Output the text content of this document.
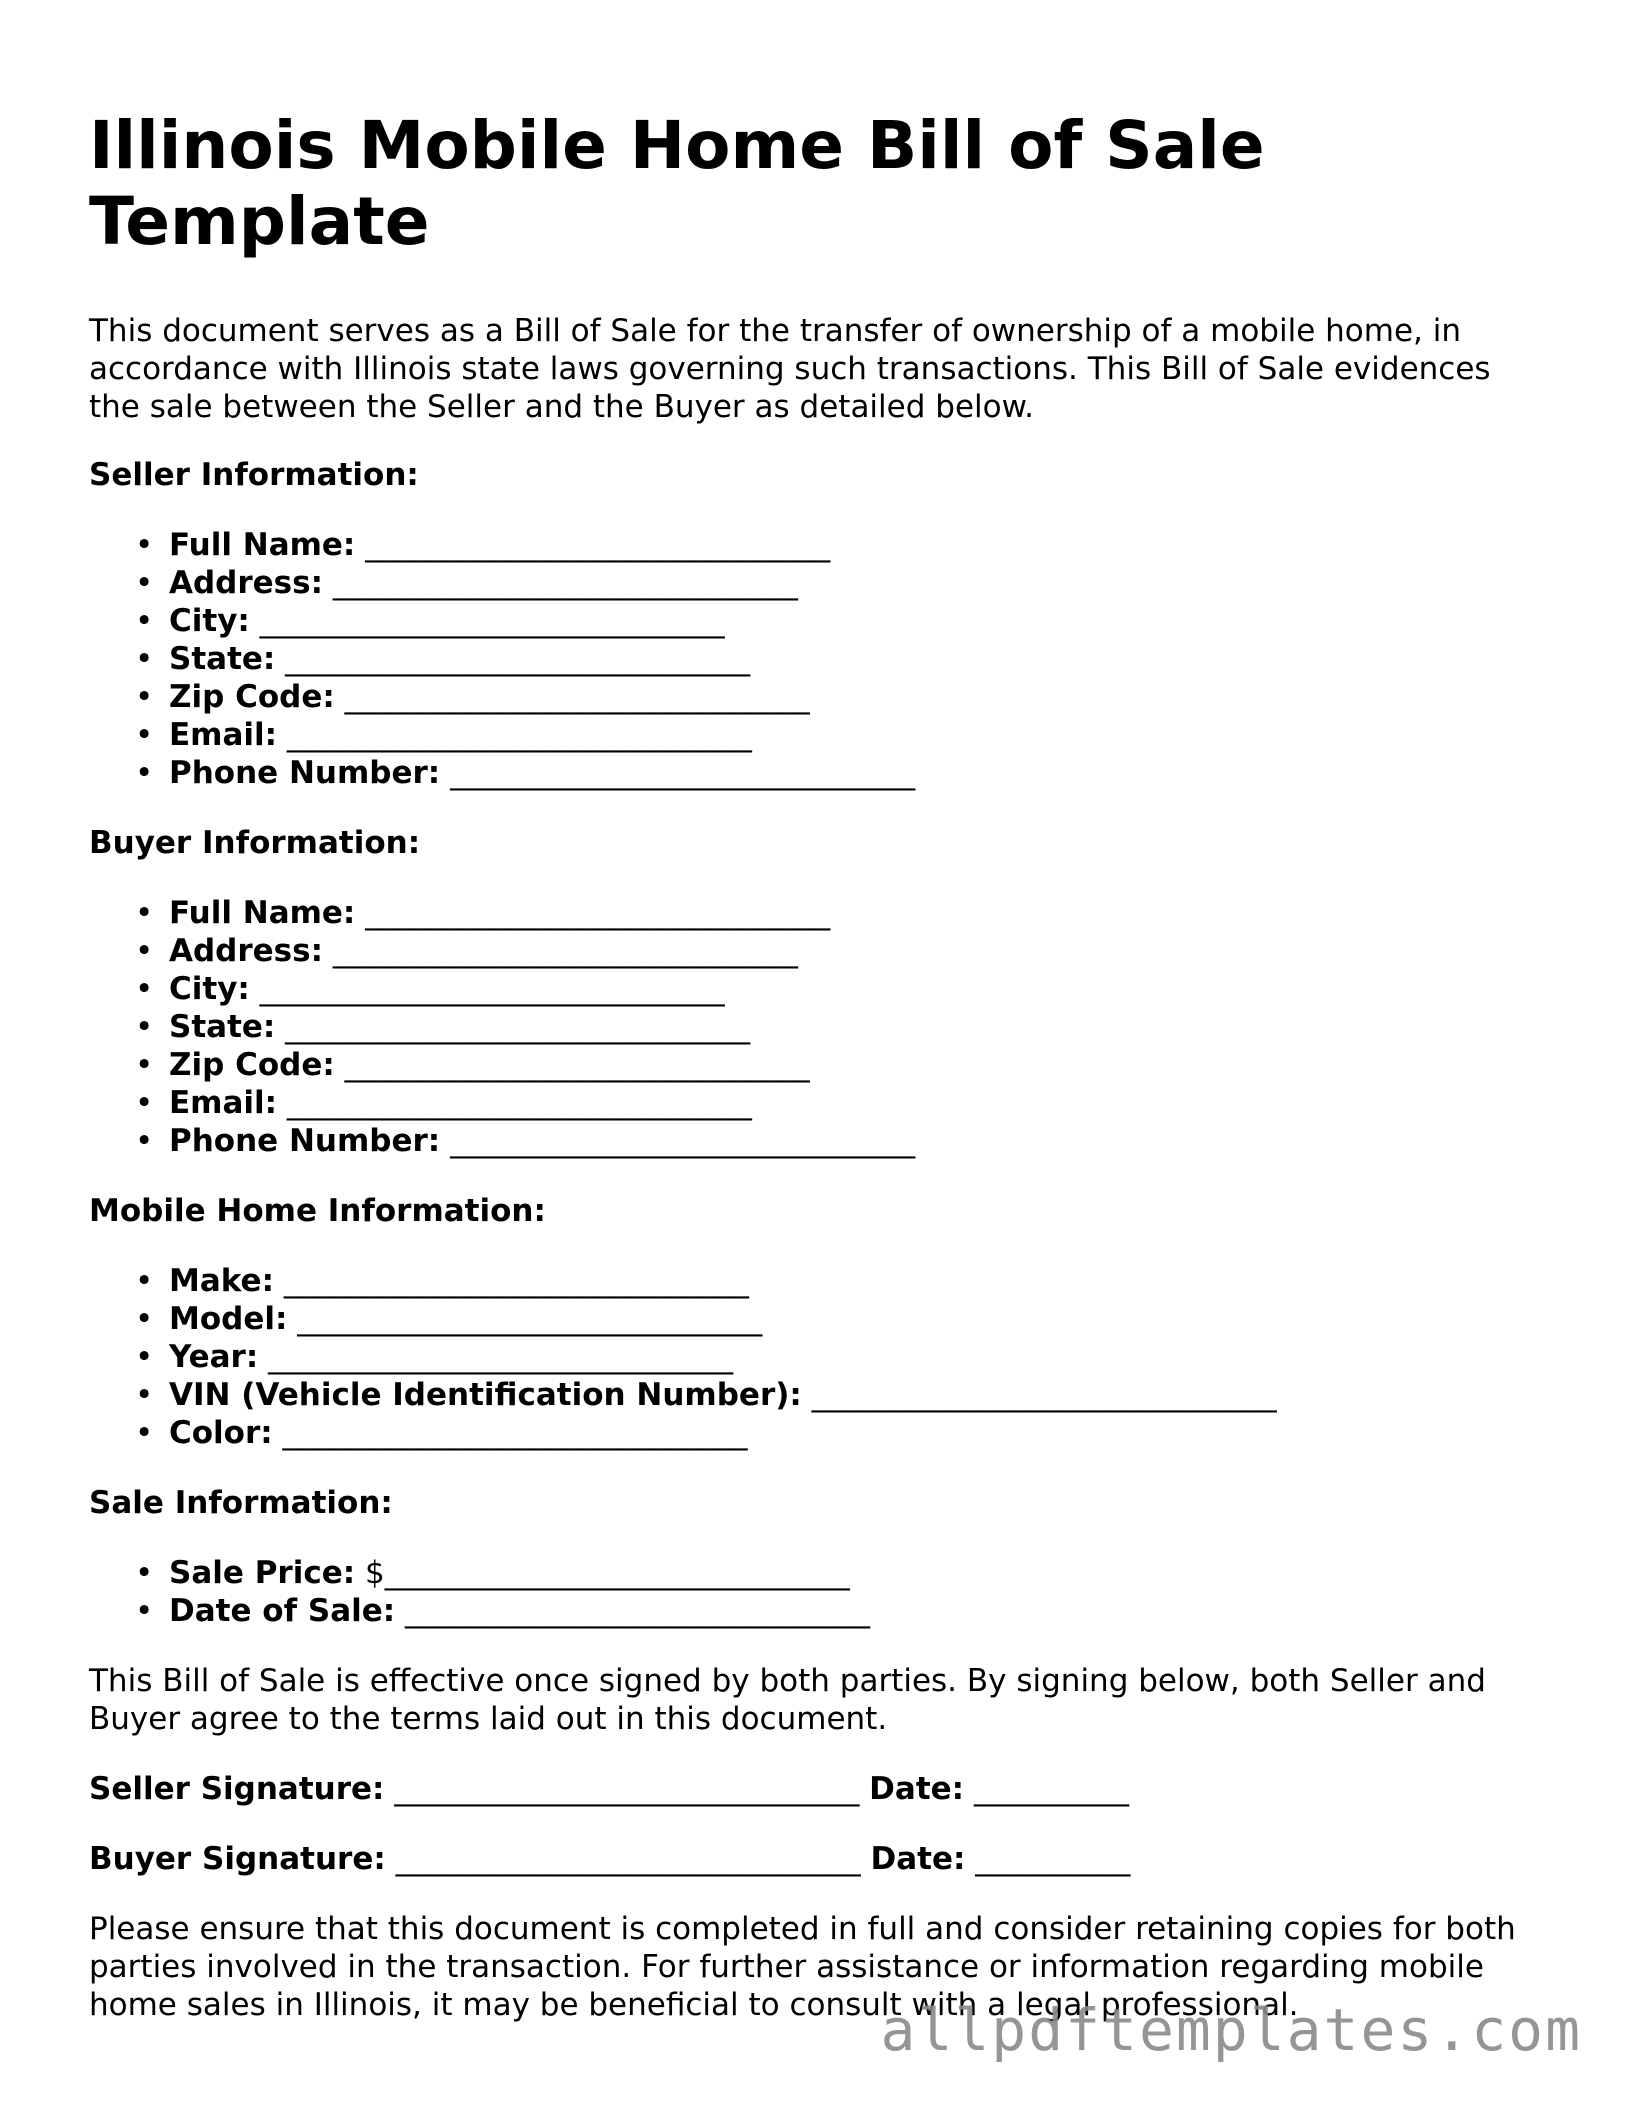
Illinois Mobile Home Bill of Sale Template

This document serves as a Bill of Sale for the transfer of ownership of a mobile home, in accordance with Illinois state laws governing such transactions. This Bill of Sale evidences the sale between the Seller and the Buyer as detailed below.

Seller Information:
• Full Name: ______________________________
• Address: ______________________________
• City: ______________________________
• State: ______________________________
• Zip Code: ______________________________
• Email: ______________________________
• Phone Number: ______________________________
Buyer Information:
• Full Name: ______________________________
• Address: ______________________________
• City: ______________________________
• State: ______________________________
• Zip Code: ______________________________
• Email: ______________________________
• Phone Number: ______________________________
Mobile Home Information:
• Make: ______________________________
• Model: ______________________________
• Year: ______________________________
• VIN (Vehicle Identification Number): ______________________________
• Color: ______________________________
Sale Information:
• Sale Price: $______________________________
• Date of Sale: ______________________________

This Bill of Sale is effective once signed by both parties. By signing below, both Seller and Buyer agree to the terms laid out in this document.

Seller Signature: ______________________________ Date: __________
Buyer Signature: ______________________________ Date: __________

Please ensure that this document is completed in full and consider retaining copies for both parties involved in the transaction. For further assistance or information regarding mobile home sales in Illinois, it may be beneficial to consult with a legal professional.

allpdftemplates.com
